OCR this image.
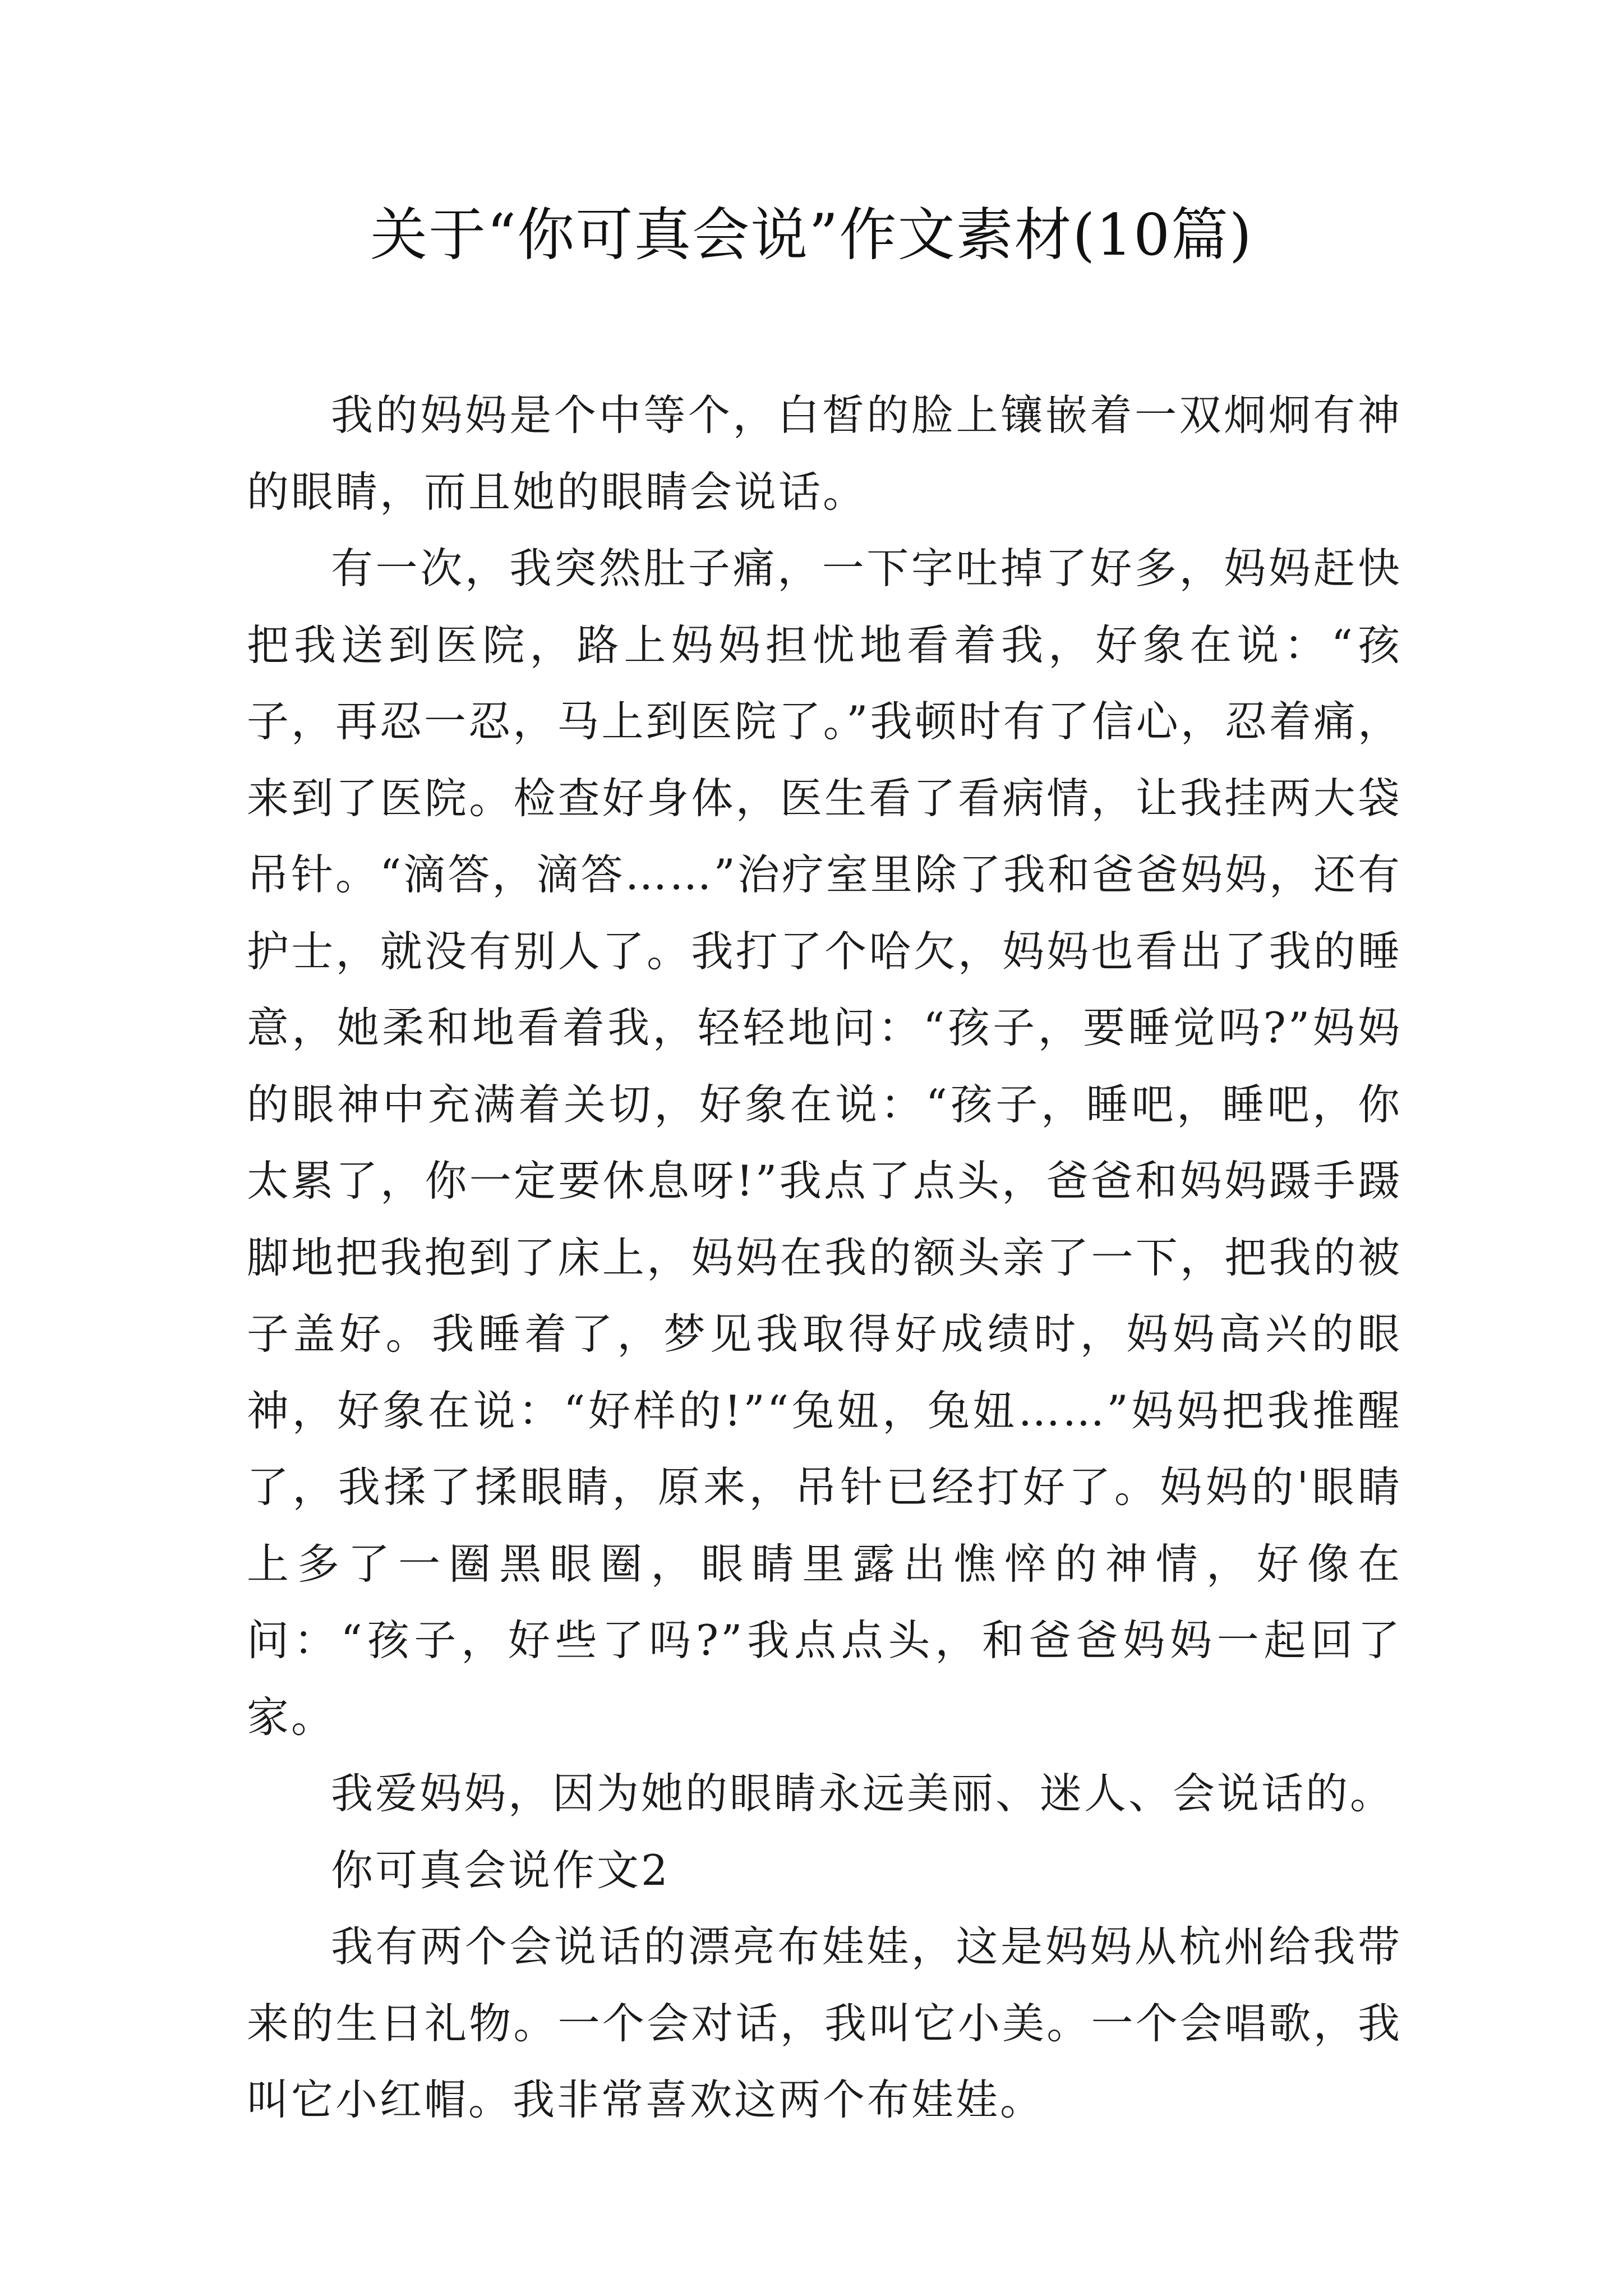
关于“你可真会说”作文素材(10篇)

我的妈妈是个中等个，白皙的脸上镶嵌着一双炯炯有神的眼睛，而且她的眼睛会说话。

有一次，我突然肚子痛，一下字吐掉了好多，妈妈赶快把我送到医院，路上妈妈担忧地看着我，好象在说：“孩子，再忍一忍，马上到医院了。”我顿时有了信心，忍着痛，来到了医院。检查好身体，医生看了看病情，让我挂两大袋吊针。“滴答，滴答……”治疗室里除了我和爸爸妈妈，还有护士，就没有别人了。我打了个哈欠，妈妈也看出了我的睡意，她柔和地看着我，轻轻地问：“孩子，要睡觉吗?”妈妈的眼神中充满着关切，好象在说：“孩子，睡吧，睡吧，你太累了，你一定要休息呀!”我点了点头，爸爸和妈妈蹑手蹑脚地把我抱到了床上，妈妈在我的额头亲了一下，把我的被子盖好。我睡着了，梦见我取得好成绩时，妈妈高兴的眼神，好象在说：“好样的!”“兔妞，兔妞……”妈妈把我推醒了，我揉了揉眼睛，原来，吊针已经打好了。妈妈的'眼睛上多了一圈黑眼圈，眼睛里露出憔悴的神情，好像在问：“孩子，好些了吗?”我点点头，和爸爸妈妈一起回了家。

我爱妈妈，因为她的眼睛永远美丽、迷人、会说话的。

你可真会说作文2

我有两个会说话的漂亮布娃娃，这是妈妈从杭州给我带来的生日礼物。一个会对话，我叫它小美。一个会唱歌，我叫它小红帽。我非常喜欢这两个布娃娃。
